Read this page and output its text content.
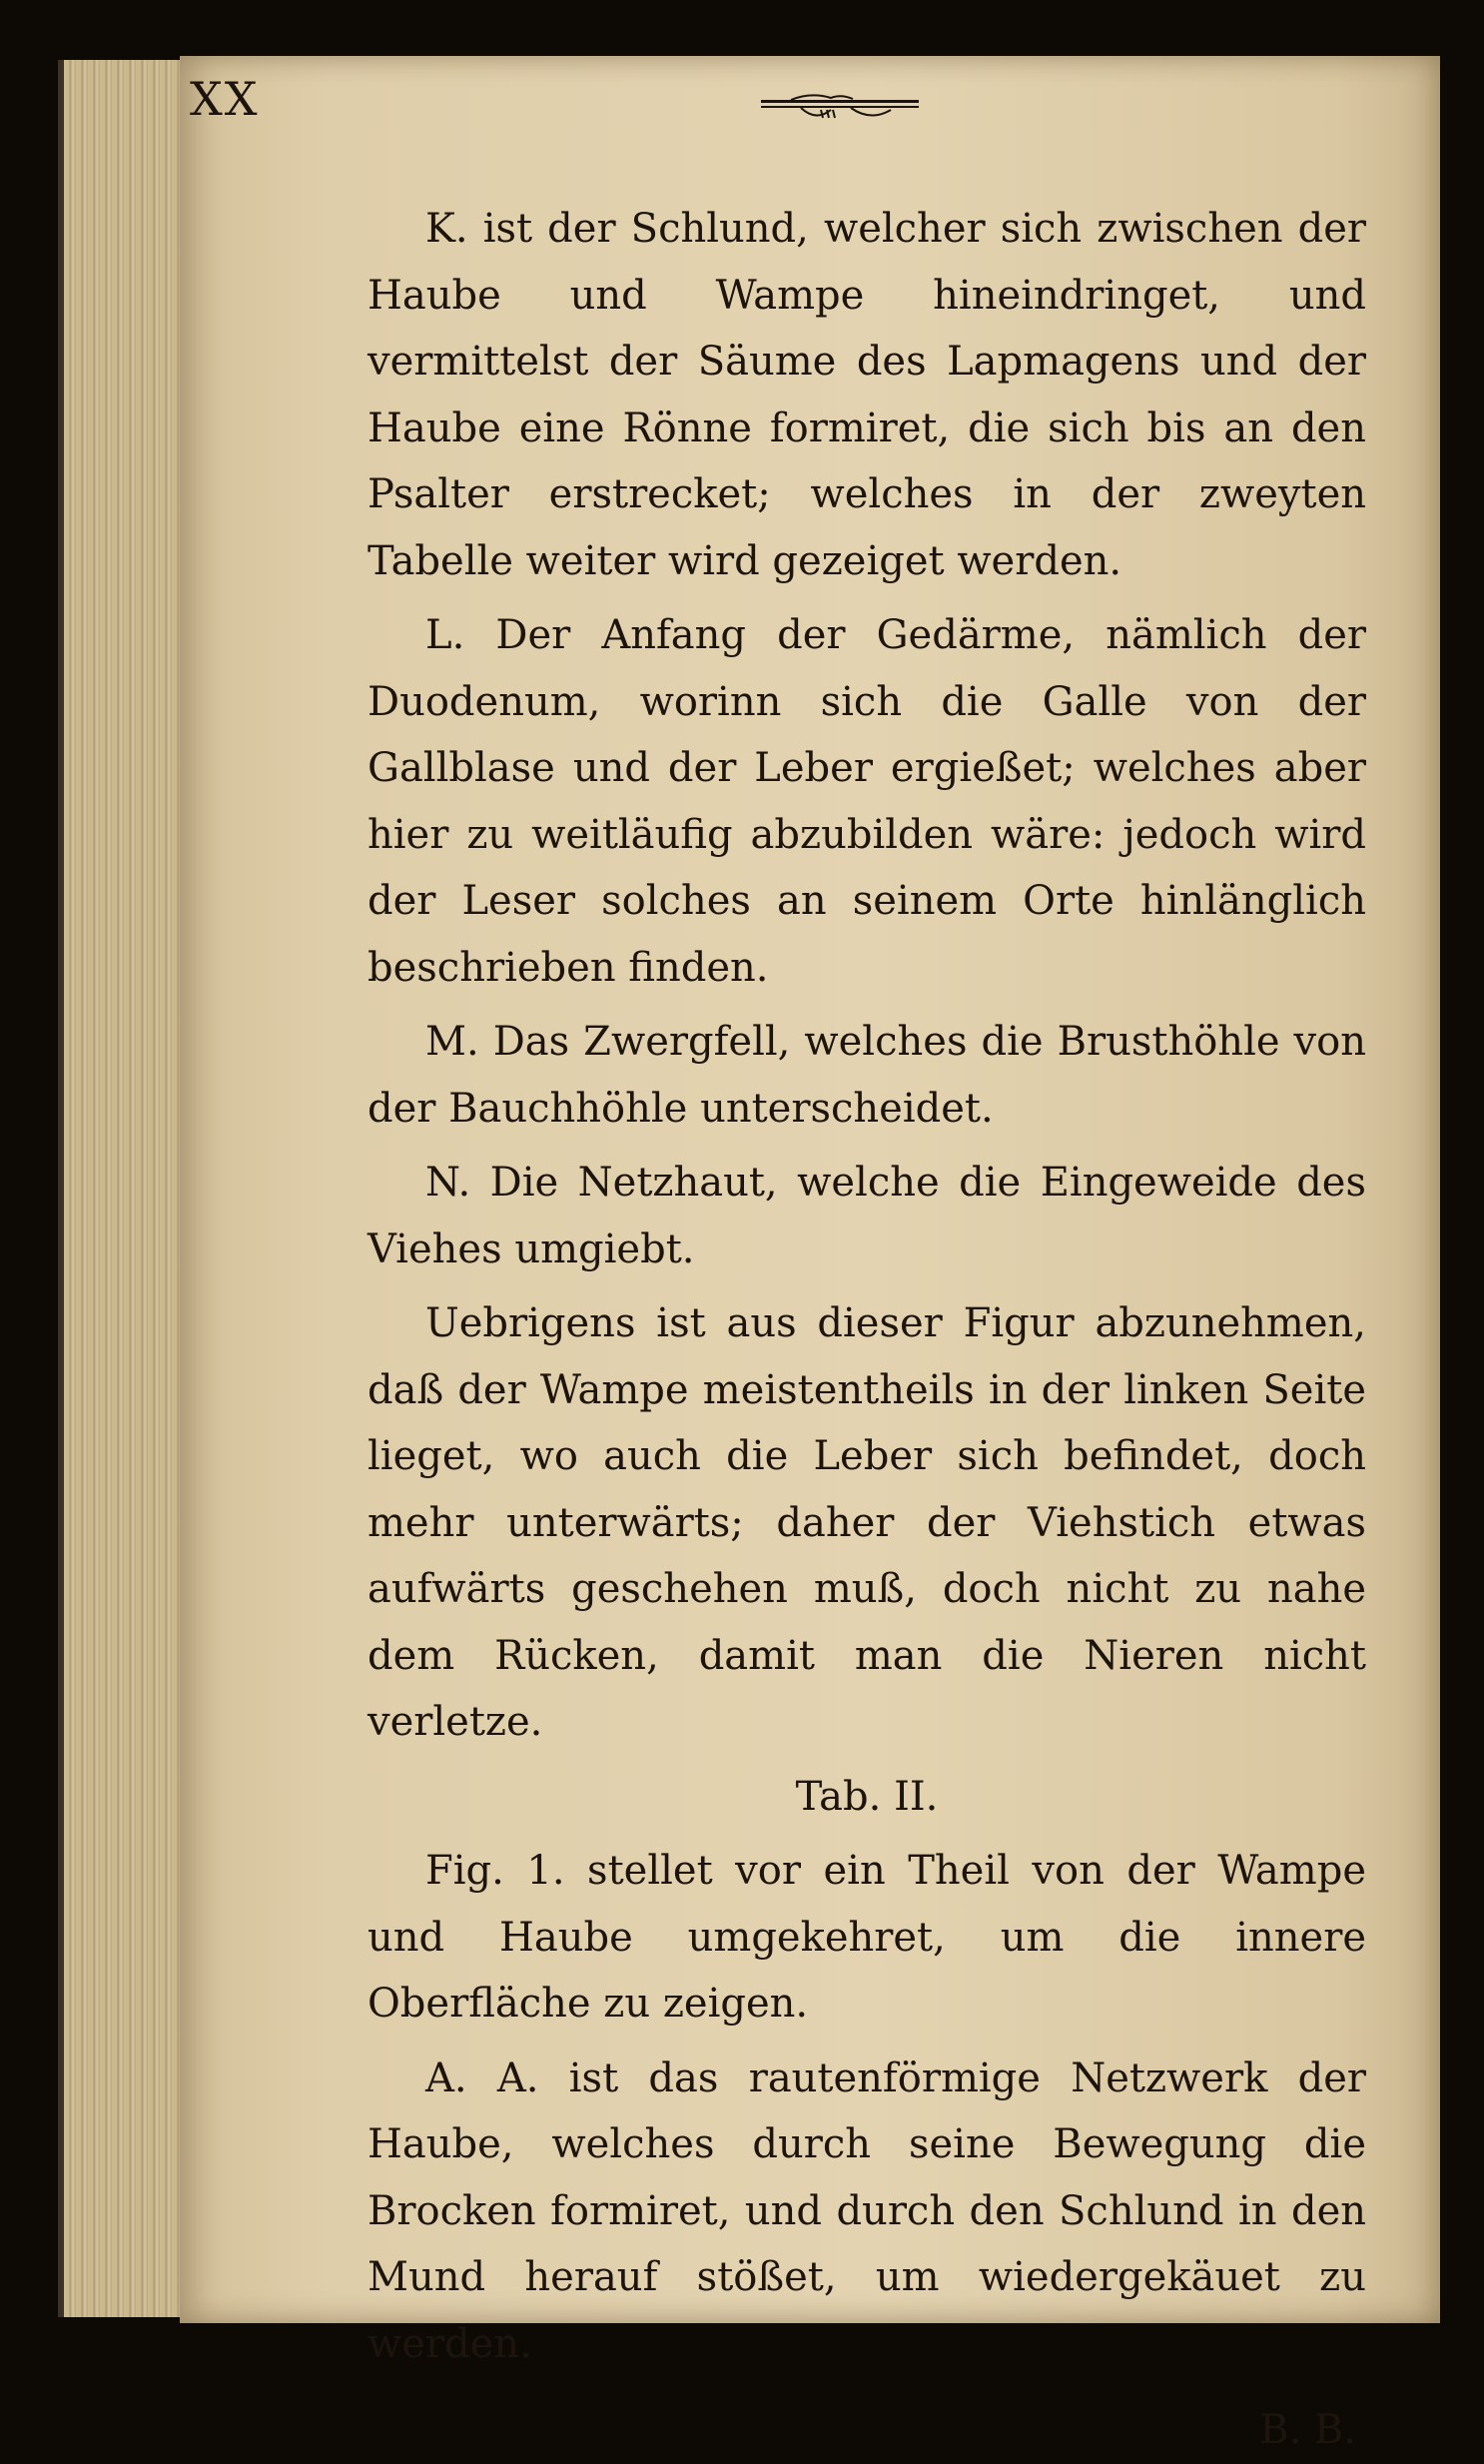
XX

K. ist der Schlund, welcher sich zwischen der Haube und Wampe hineindringet, und vermittelst der Säume des Lapmagens und der Haube eine Rönne formiret, die sich bis an den Psalter erstrecket; welches in der zweyten Tabelle weiter wird gezeiget werden.

L. Der Anfang der Gedärme, nämlich der Duodenum, worinn sich die Galle von der Gallblase und der Leber ergießet; welches aber hier zu weitläufig abzubilden wäre: jedoch wird der Leser solches an seinem Orte hinlänglich beschrieben finden.

M. Das Zwergfell, welches die Brusthöhle von der Bauchhöhle unterscheidet.

N. Die Netzhaut, welche die Eingeweide des Viehes umgiebt.

Uebrigens ist aus dieser Figur abzunehmen, daß der Wampe meistentheils in der linken Seite lieget, wo auch die Leber sich befindet, doch mehr unterwärts; daher der Viehstich etwas aufwärts geschehen muß, doch nicht zu nahe dem Rücken, damit man die Nieren nicht verletze.

Tab. II.

Fig. 1. stellet vor ein Theil von der Wampe und Haube umgekehret, um die innere Oberfläche zu zeigen.

A. A. ist das rautenförmige Netzwerk der Haube, welches durch seine Bewegung die Brocken formiret, und durch den Schlund in den Mund herauf stößet, um wiedergekäuet zu werden.

B. B.
